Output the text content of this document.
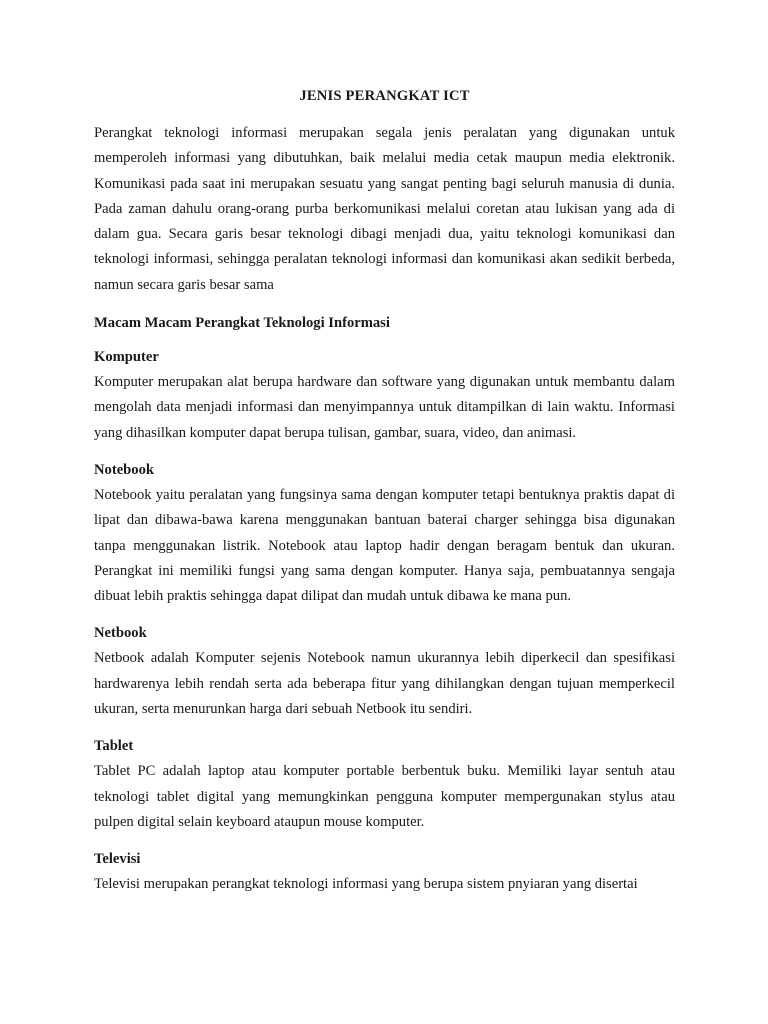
JENIS PERANGKAT ICT

Perangkat teknologi informasi merupakan segala jenis peralatan yang digunakan untuk memperoleh informasi yang dibutuhkan, baik melalui media cetak maupun media elektronik. Komunikasi pada saat ini merupakan sesuatu yang sangat penting bagi seluruh manusia di dunia. Pada zaman dahulu orang-orang purba berkomunikasi melalui coretan atau lukisan yang ada di dalam gua. Secara garis besar teknologi dibagi menjadi dua, yaitu teknologi komunikasi dan teknologi informasi, sehingga peralatan teknologi informasi dan komunikasi akan sedikit berbeda, namun secara garis besar sama

Macam Macam Perangkat Teknologi Informasi
Komputer

Komputer merupakan alat berupa hardware dan software yang digunakan untuk membantu dalam mengolah data menjadi informasi dan menyimpannya untuk ditampilkan di lain waktu. Informasi yang dihasilkan komputer dapat berupa tulisan, gambar, suara, video, dan animasi.

Notebook

Notebook yaitu peralatan yang fungsinya sama dengan komputer tetapi bentuknya praktis dapat di lipat dan dibawa-bawa karena menggunakan bantuan baterai charger sehingga bisa digunakan tanpa menggunakan listrik. Notebook atau laptop hadir dengan beragam bentuk dan ukuran. Perangkat ini memiliki fungsi yang sama dengan komputer. Hanya saja, pembuatannya sengaja dibuat lebih praktis sehingga dapat dilipat dan mudah untuk dibawa ke mana pun.

Netbook

Netbook adalah Komputer sejenis Notebook namun ukurannya lebih diperkecil dan spesifikasi hardwarenya lebih rendah serta ada beberapa fitur yang dihilangkan dengan tujuan memperkecil ukuran, serta menurunkan harga dari sebuah Netbook itu sendiri.

Tablet

Tablet PC adalah laptop atau komputer portable berbentuk buku. Memiliki layar sentuh atau teknologi tablet digital yang memungkinkan pengguna komputer mempergunakan stylus atau pulpen digital selain keyboard ataupun mouse komputer.

Televisi

Televisi merupakan perangkat teknologi informasi yang berupa sistem pnyiaran yang disertai
